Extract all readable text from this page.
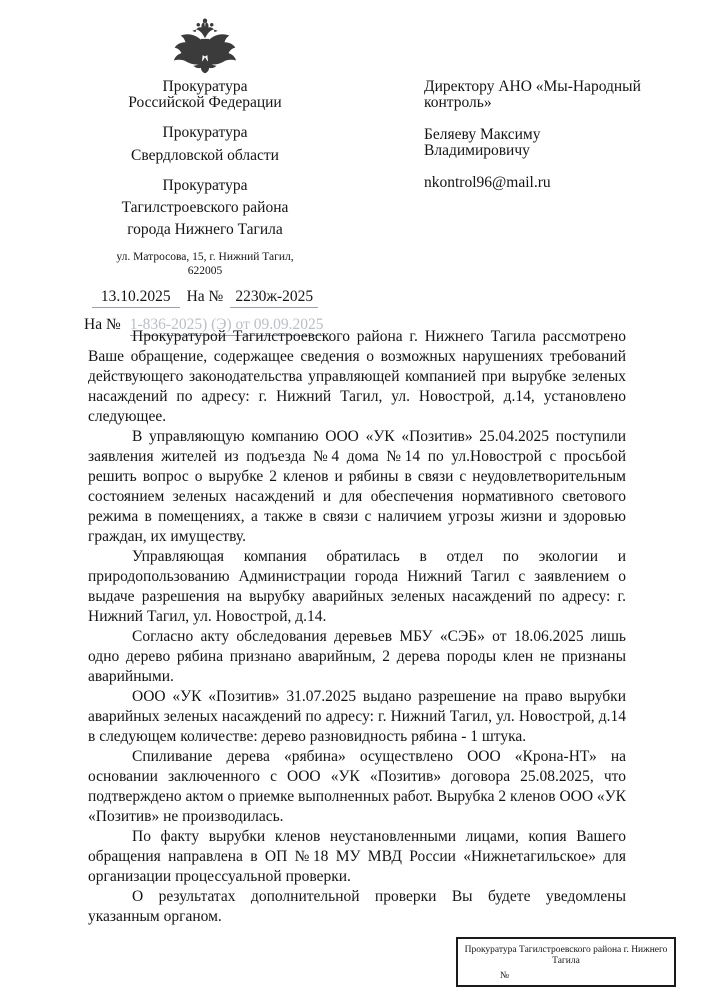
Прокуратура
Российской Федерации
Прокуратура
Свердловской области
Прокуратура
Тагилстроевского района
города Нижнего Тагила
ул. Матросова, 15, г. Нижний Тагил,
622005
13.10.2025	На № 2230ж-2025
На № 1-836-2025) (Э) от 09.09.2025
Директору АНО «Мы-Народный
контроль»
Беляеву Максиму
Владимировичу
nkontrol96@mail.ru

Прокуратурой Тагилстроевского района г. Нижнего Тагила рассмотрено Ваше обращение, содержащее сведения о возможных нарушениях требований действующего законодательства управляющей компанией при вырубке зеленых насаждений по адресу: г. Нижний Тагил, ул. Новострой, д.14, установлено следующее.

В управляющую компанию ООО «УК «Позитив» 25.04.2025 поступили заявления жителей из подъезда №4 дома №14 по ул.Новострой с просьбой решить вопрос о вырубке 2 кленов и рябины в связи с неудовлетворительным состоянием зеленых насаждений и для обеспечения нормативного светового режима в помещениях, а также в связи с наличием угрозы жизни и здоровью граждан, их имуществу.

Управляющая компания обратилась в отдел по экологии и природопользованию Администрации города Нижний Тагил с заявлением о выдаче разрешения на вырубку аварийных зеленых насаждений по адресу: г. Нижний Тагил, ул. Новострой, д.14.

Согласно акту обследования деревьев МБУ «СЭБ» от 18.06.2025 лишь одно дерево рябина признано аварийным, 2 дерева породы клен не признаны аварийными.

ООО «УК «Позитив» 31.07.2025 выдано разрешение на право вырубки аварийных зеленых насаждений по адресу: г. Нижний Тагил, ул. Новострой, д.14 в следующем количестве: дерево разновидность рябина - 1 штука.

Спиливание дерева «рябина» осуществлено ООО «Крона-НТ» на основании заключенного с ООО «УК «Позитив» договора 25.08.2025, что подтверждено актом о приемке выполненных работ. Вырубка 2 кленов ООО «УК «Позитив» не производилась.

По факту вырубки кленов неустановленными лицами, копия Вашего обращения направлена в ОП №18 МУ МВД России «Нижнетагильское» для организации процессуальной проверки.

О результатах дополнительной проверки Вы будете уведомлены указанным органом.

Прокуратура Тагилстроевского района г. Нижнего
Тагила
№
